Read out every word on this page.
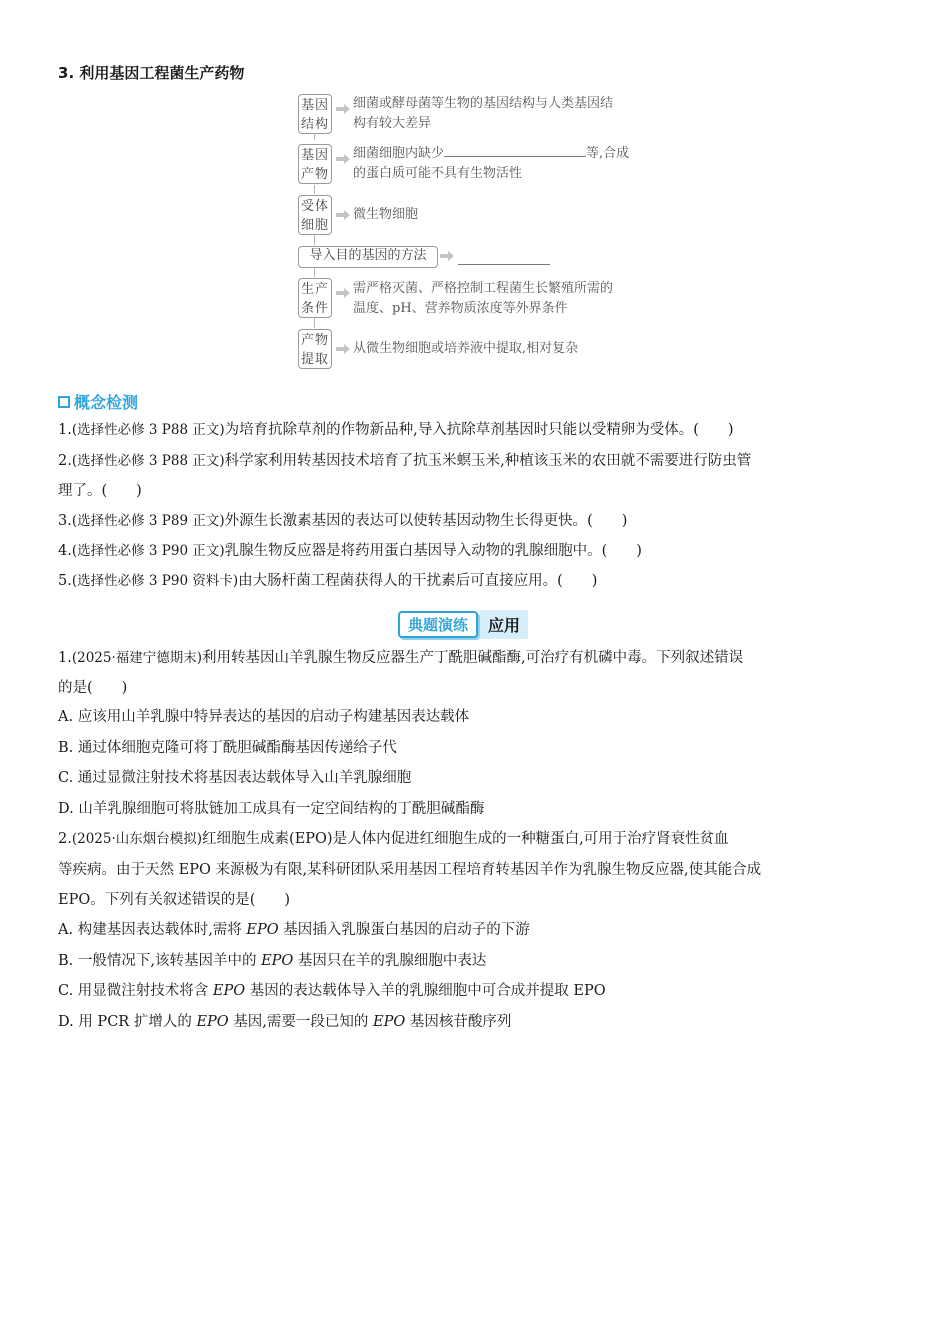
3. 利用基因工程菌生产药物
基因
结构
细菌或酵母菌等生物的基因结构与人类基因结
构有较大差异
基因
产物
细菌细胞内缺少	等,合成
的蛋白质可能不具有生物活性
受体
细胞
微生物细胞
导入目的基因的方法
生产
条件
需严格灭菌、严格控制工程菌生长繁殖所需的
温度、pH、营养物质浓度等外界条件
产物
提取
从微生物细胞或培养液中提取,相对复杂
概念检测
1.(选择性必修 3 P88 正文)为培育抗除草剂的作物新品种,导入抗除草剂基因时只能以受精卵为受体。(　　)
2.(选择性必修 3 P88 正文)科学家利用转基因技术培育了抗玉米螟玉米,种植该玉米的农田就不需要进行防虫管
理了。(　　)
3.(选择性必修 3 P89 正文)外源生长激素基因的表达可以使转基因动物生长得更快。(　　)
4.(选择性必修 3 P90 正文)乳腺生物反应器是将药用蛋白基因导入动物的乳腺细胞中。(　　)
5.(选择性必修 3 P90 资料卡)由大肠杆菌工程菌获得人的干扰素后可直接应用。(　　)
典题演练	应用
1.(2025·福建宁德期末)利用转基因山羊乳腺生物反应器生产丁酰胆碱酯酶,可治疗有机磷中毒。下列叙述错误
的是(　　)
A. 应该用山羊乳腺中特异表达的基因的启动子构建基因表达载体
B. 通过体细胞克隆可将丁酰胆碱酯酶基因传递给子代
C. 通过显微注射技术将基因表达载体导入山羊乳腺细胞
D. 山羊乳腺细胞可将肽链加工成具有一定空间结构的丁酰胆碱酯酶
2.(2025·山东烟台模拟)红细胞生成素(EPO)是人体内促进红细胞生成的一种糖蛋白,可用于治疗肾衰性贫血
等疾病。由于天然 EPO 来源极为有限,某科研团队采用基因工程培育转基因羊作为乳腺生物反应器,使其能合成
EPO。下列有关叙述错误的是(　　)
A. 构建基因表达载体时,需将 EPO 基因插入乳腺蛋白基因的启动子的下游
B. 一般情况下,该转基因羊中的 EPO 基因只在羊的乳腺细胞中表达
C. 用显微注射技术将含 EPO 基因的表达载体导入羊的乳腺细胞中可合成并提取 EPO
D. 用 PCR 扩增人的 EPO 基因,需要一段已知的 EPO 基因核苷酸序列
